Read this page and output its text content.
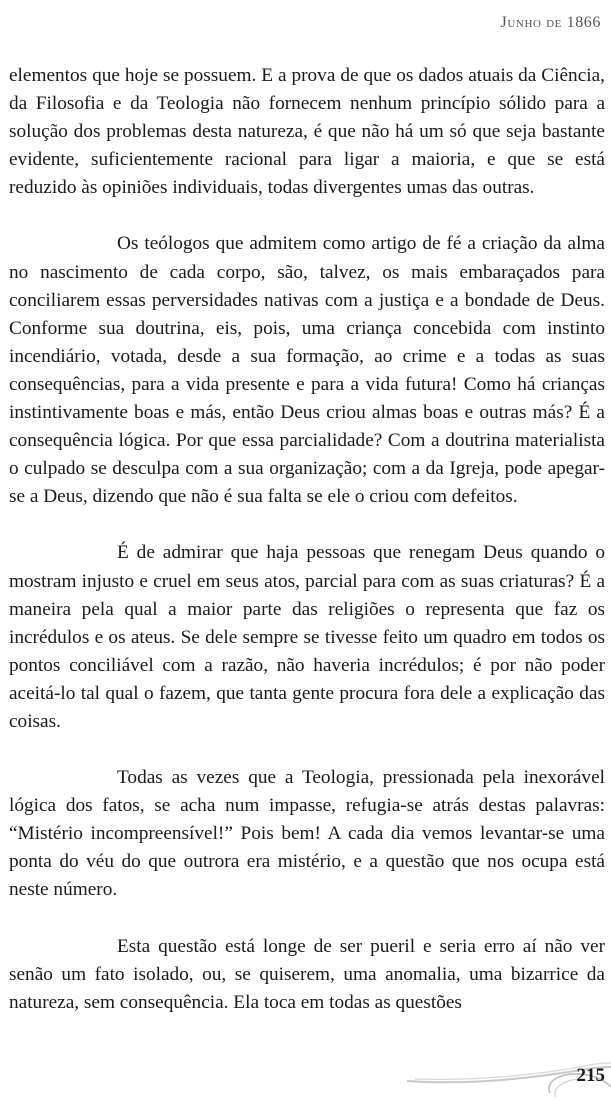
Junho de 1866

elementos que hoje se possuem. E a prova de que os dados atuais da Ciência, da Filosofia e da Teologia não fornecem nenhum princípio sólido para a solução dos problemas desta natureza, é que não há um só que seja bastante evidente, suficientemente racional para ligar a maioria, e que se está reduzido às opiniões individuais, todas divergentes umas das outras.

Os teólogos que admitem como artigo de fé a criação da alma no nascimento de cada corpo, são, talvez, os mais embaraçados para conciliarem essas perversidades nativas com a justiça e a bondade de Deus. Conforme sua doutrina, eis, pois, uma criança concebida com instinto incendiário, votada, desde a sua formação, ao crime e a todas as suas consequências, para a vida presente e para a vida futura! Como há crianças instintivamente boas e más, então Deus criou almas boas e outras más? É a consequência lógica. Por que essa parcialidade? Com a doutrina materialista o culpado se desculpa com a sua organização; com a da Igreja, pode apegar-se a Deus, dizendo que não é sua falta se ele o criou com defeitos.

É de admirar que haja pessoas que renegam Deus quando o mostram injusto e cruel em seus atos, parcial para com as suas criaturas? É a maneira pela qual a maior parte das religiões o representa que faz os incrédulos e os ateus. Se dele sempre se tivesse feito um quadro em todos os pontos conciliável com a razão, não haveria incrédulos; é por não poder aceitá-lo tal qual o fazem, que tanta gente procura fora dele a explicação das coisas.

Todas as vezes que a Teologia, pressionada pela inexorável lógica dos fatos, se acha num impasse, refugia-se atrás destas palavras: “Mistério incompreensível!” Pois bem! A cada dia vemos levantar-se uma ponta do véu do que outrora era mistério, e a questão que nos ocupa está neste número.

Esta questão está longe de ser pueril e seria erro aí não ver senão um fato isolado, ou, se quiserem, uma anomalia, uma bizarrice da natureza, sem consequência. Ela toca em todas as questões

215
